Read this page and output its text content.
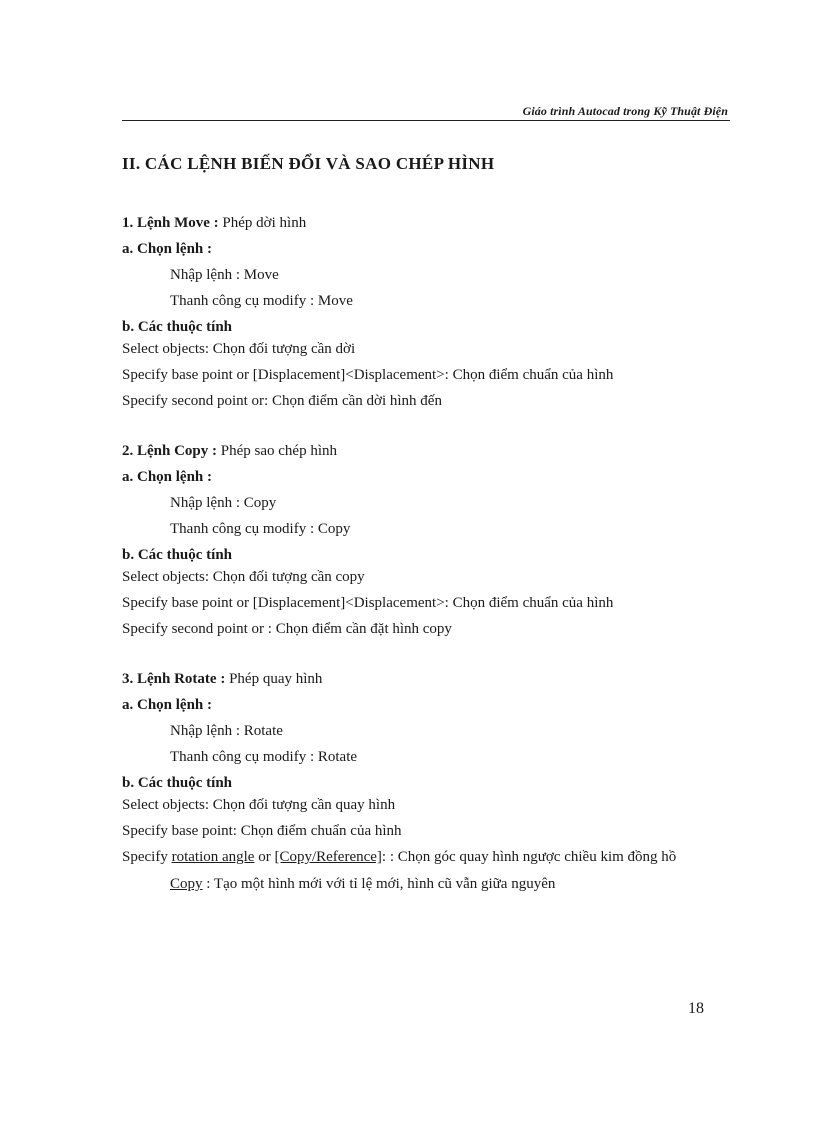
Giáo trình Autocad trong Kỹ Thuật Điện
II. CÁC LỆNH BIẾN ĐỔI VÀ SAO CHÉP HÌNH

1. Lệnh Move : Phép dời hình

a. Chọn lệnh :

Nhập lệnh : Move

Thanh công cụ modify : Move

b. Các thuộc tính

Select objects: Chọn đối tượng cần dời

Specify base point or [Displacement]<Displacement>: Chọn điểm chuẩn của hình

Specify second point or: Chọn điểm cần dời hình đến

2. Lệnh Copy : Phép sao chép hình

a. Chọn lệnh :

Nhập lệnh : Copy

Thanh công cụ modify : Copy

b. Các thuộc tính

Select objects: Chọn đối tượng cần copy

Specify base point or [Displacement]<Displacement>: Chọn điểm chuẩn của hình

Specify second point or : Chọn điểm cần đặt hình copy

3. Lệnh Rotate : Phép quay hình

a. Chọn lệnh :

Nhập lệnh : Rotate

Thanh công cụ modify : Rotate

b. Các thuộc tính

Select objects: Chọn đối tượng cần quay hình

Specify base point: Chọn điểm chuẩn của hình

Specify rotation angle or [Copy/Reference]: : Chọn góc quay hình ngược chiều kim đồng hồ

Copy : Tạo một hình mới với tỉ lệ mới, hình cũ vẫn giữa nguyên

18
